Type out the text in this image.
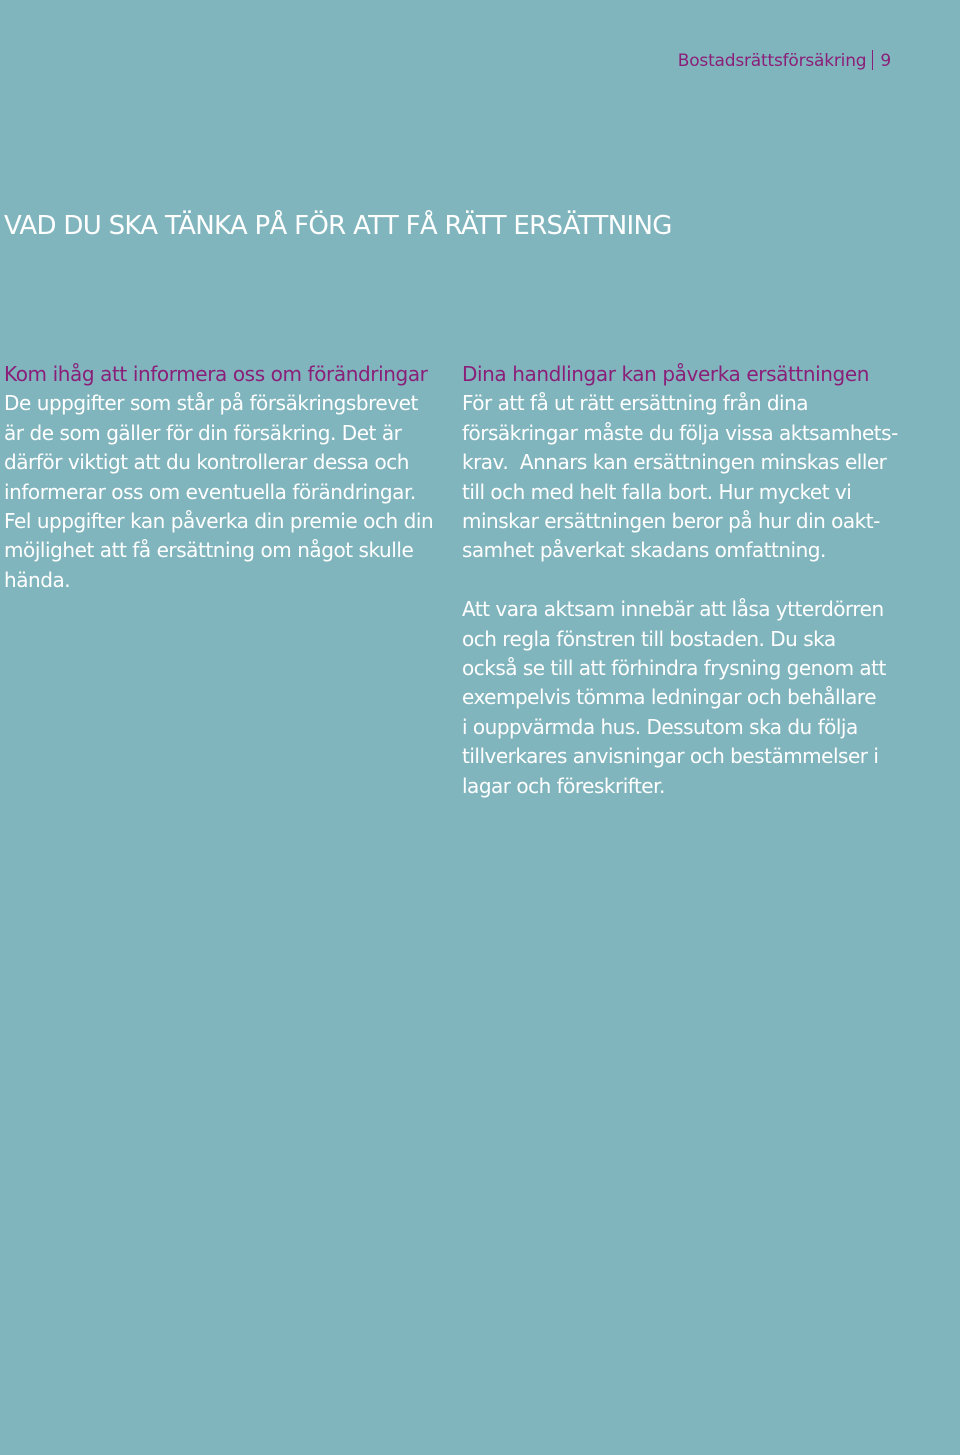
Bostadsrättsförsäkring 9
VAD DU SKA TÄNKA PÅ FÖR ATT FÅ RÄTT ERSÄTTNING
Kom ihåg att informera oss om förändringar

De uppgifter som står på försäkringsbrevet
är de som gäller för din försäkring. Det är
därför viktigt att du kontrollerar dessa och
informerar oss om eventuella förändringar.
Fel uppgifter kan påverka din premie och din
möjlighet att få ersättning om något skulle
hända.

Dina handlingar kan påverka ersättningen

För att få ut rätt ersättning från dina
försäkringar måste du följa vissa aktsamhets-
krav.  Annars kan ersättningen minskas eller
till och med helt falla bort. Hur mycket vi
minskar ersättningen beror på hur din oakt-
samhet påverkat skadans omfattning.

Att vara aktsam innebär att låsa ytterdörren
och regla fönstren till bostaden. Du ska
också se till att förhindra frysning genom att
exempelvis tömma ledningar och behållare
i ouppvärmda hus. Dessutom ska du följa
tillverkares anvisningar och bestämmelser i
lagar och föreskrifter.
